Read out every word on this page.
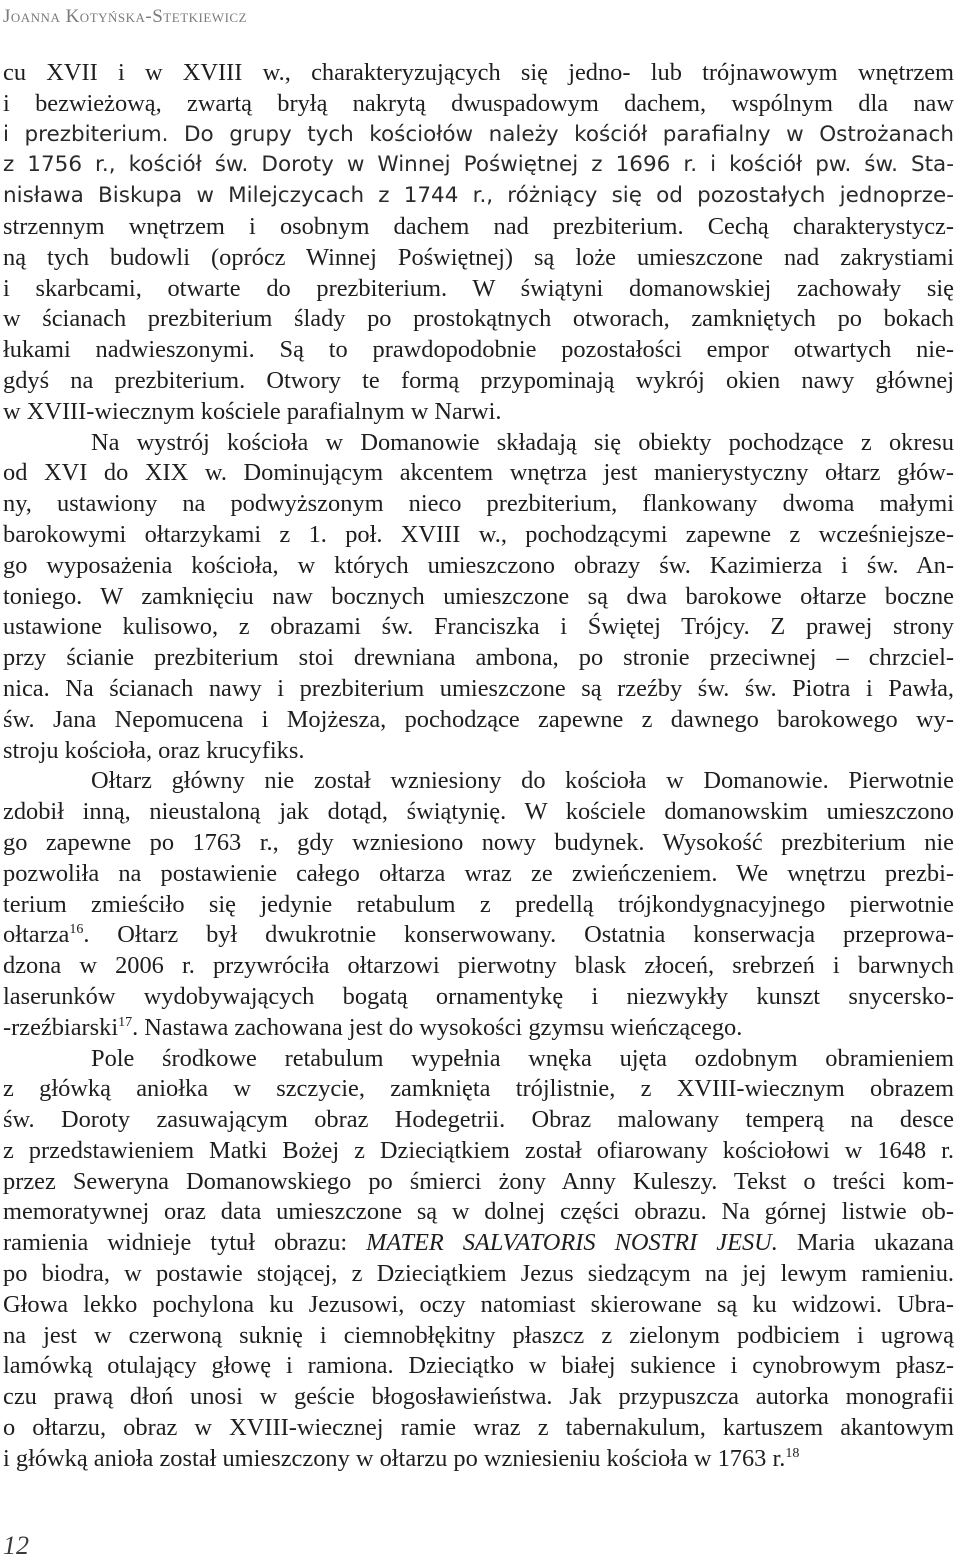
Joanna Kotyńska-Stetkiewicz
cu XVII i w XVIII w., charakteryzujących się jedno- lub trójnawowym wnętrzem
i bezwieżową, zwartą bryłą nakrytą dwuspadowym dachem, wspólnym dla naw
i prezbiterium. Do grupy tych kościołów należy kościół parafialny w Ostrożanach
z 1756 r., kościół św. Doroty w Winnej Poświętnej z 1696 r. i kościół pw. św. Sta-
nisława Biskupa w Milejczycach z 1744 r., różniący się od pozostałych jednoprze-
strzennym wnętrzem i osobnym dachem nad prezbiterium. Cechą charakterystycz-
ną tych budowli (oprócz Winnej Poświętnej) są loże umieszczone nad zakrystiami
i skarbcami, otwarte do prezbiterium. W świątyni domanowskiej zachowały się
w ścianach prezbiterium ślady po prostokątnych otworach, zamkniętych po bokach
łukami nadwieszonymi. Są to prawdopodobnie pozostałości empor otwartych nie-
gdyś na prezbiterium. Otwory te formą przypominają wykrój okien nawy głównej
w XVIII-wiecznym kościele parafialnym w Narwi.
Na wystrój kościoła w Domanowie składają się obiekty pochodzące z okresu
od XVI do XIX w. Dominującym akcentem wnętrza jest manierystyczny ołtarz głów-
ny, ustawiony na podwyższonym nieco prezbiterium, flankowany dwoma małymi
barokowymi ołtarzykami z 1. poł. XVIII w., pochodzącymi zapewne z wcześniejsze-
go wyposażenia kościoła, w których umieszczono obrazy św. Kazimierza i św. An-
toniego. W zamknięciu naw bocznych umieszczone są dwa barokowe ołtarze boczne
ustawione kulisowo, z obrazami św. Franciszka i Świętej Trójcy. Z prawej strony
przy ścianie prezbiterium stoi drewniana ambona, po stronie przeciwnej – chrzciel-
nica. Na ścianach nawy i prezbiterium umieszczone są rzeźby św. św. Piotra i Pawła,
św. Jana Nepomucena i Mojżesza, pochodzące zapewne z dawnego barokowego wy-
stroju kościoła, oraz krucyfiks.
Ołtarz główny nie został wzniesiony do kościoła w Domanowie. Pierwotnie
zdobił inną, nieustaloną jak dotąd, świątynię. W kościele domanowskim umieszczono
go zapewne po 1763 r., gdy wzniesiono nowy budynek. Wysokość prezbiterium nie
pozwoliła na postawienie całego ołtarza wraz ze zwieńczeniem. We wnętrzu prezbi-
terium zmieściło się jedynie retabulum z predellą trójkondygnacyjnego pierwotnie
ołtarza$^{16}$. Ołtarz był dwukrotnie konserwowany. Ostatnia konserwacja przeprowa-
dzona w 2006 r. przywróciła ołtarzowi pierwotny blask złoceń, srebrzeń i barwnych
laserunków wydobywających bogatą ornamentykę i niezwykły kunszt snycersko-
-rzeźbiarski$^{17}$. Nastawa zachowana jest do wysokości gzymsu wieńczącego.
Pole środkowe retabulum wypełnia wnęka ujęta ozdobnym obramieniem
z główką aniołka w szczycie, zamknięta trójlistnie, z XVIII-wiecznym obrazem
św. Doroty zasuwającym obraz Hodegetrii. Obraz malowany temperą na desce
z przedstawieniem Matki Bożej z Dzieciątkiem został ofiarowany kościołowi w 1648 r.
przez Seweryna Domanowskiego po śmierci żony Anny Kuleszy. Tekst o treści kom-
memoratywnej oraz data umieszczone są w dolnej części obrazu. Na górnej listwie ob-
ramienia widnieje tytuł obrazu: MATER SALVATORIS NOSTRI JESU. Maria ukazana
po biodra, w postawie stojącej, z Dzieciątkiem Jezus siedzącym na jej lewym ramieniu.
Głowa lekko pochylona ku Jezusowi, oczy natomiast skierowane są ku widzowi. Ubra-
na jest w czerwoną suknię i ciemnobłękitny płaszcz z zielonym podbiciem i ugrową
lamówką otulający głowę i ramiona. Dzieciątko w białej sukience i cynobrowym płasz-
czu prawą dłoń unosi w geście błogosławieństwa. Jak przypuszcza autorka monografii
o ołtarzu, obraz w XVIII-wiecznej ramie wraz z tabernakulum, kartuszem akantowym
i główką anioła został umieszczony w ołtarzu po wzniesieniu kościoła w 1763 r.$^{18}$
12
